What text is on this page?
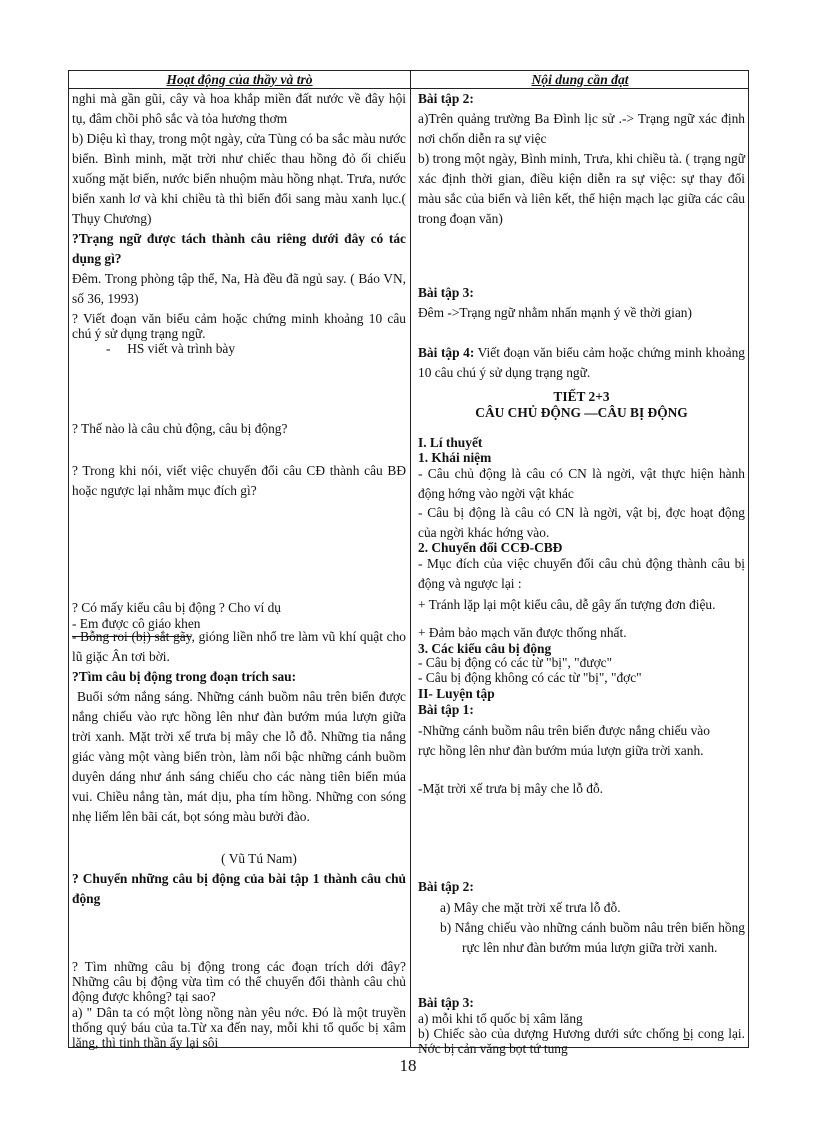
Hoạt động của thầy và trò	Nội dung cần đạt

nghi mà gần gũi, cây và hoa khắp miền đất nước về đây hội tụ, đâm chồi phô sắc và tỏa hương thơm

b) Diệu kì thay, trong một ngày, cửa Tùng có ba sắc màu nước biển. Bình minh, mặt trời như chiếc thau hồng đỏ ối chiếu xuống mặt biển, nước biển nhuộm màu hồng nhạt. Trưa, nước biển xanh lơ và khi chiều tà thì biển đổi sang màu xanh lục.( Thụy Chương)

?Trạng ngữ được tách thành câu riêng dưới đây có tác dụng gì?

Đêm. Trong phòng tập thể, Na, Hà đều đã ngủ say. ( Báo VN, số 36, 1993)

? Viết đoạn văn biểu cảm hoặc chứng minh khoảng 10 câu chú ý sử dụng trạng ngữ.

-     HS viết và trình bày

? Thế nào là câu chủ động, câu bị động?

? Trong khi nói, viết việc chuyển đổi câu CĐ thành câu BĐ hoặc ngược lại nhằm mục đích gì?

? Có mấy kiểu câu bị động ? Cho ví dụ

- Em được cô giáo khen

- Bỗng roi (bị) sắt gãy, gióng liền nhổ tre làm vũ khí quật cho lũ giặc Ân tơi bời.

?Tìm câu bị động trong đoạn trích sau:

Buổi sớm nắng sáng. Những cánh buồm nâu trên biển được nắng chiếu vào rực hồng lên như đàn bướm múa lượn giữa trời xanh. Mặt trời xế trưa bị mây che lỗ đỗ. Những tia nắng giác vàng một vàng biển tròn, làm nổi bậc những cánh buồm duyên dáng như ánh sáng chiếu cho các nàng tiên biển múa vui. Chiều nắng tàn, mát dịu, pha tím hồng. Những con sóng nhẹ liếm lên bãi cát, bọt sóng màu bưởi đào.

( Vũ Tú Nam)

? Chuyển những câu bị động của bài tập 1 thành câu chủ động

? Tìm những câu bị động trong các đoạn trích dới đây? Những câu bị động vừa tìm có thể chuyển đổi thành câu chủ động được không? tại sao?

a) " Dân ta có một lòng nồng nàn yêu nớc. Đó là một truyền thống quý báu của ta.Từ xa đến nay, mỗi khi tổ quốc bị xâm lăng, thì tinh thần ấy lại sôi

Bài tập 2:

a)Trên quảng trường Ba Đình lịc sử .-> Trạng ngữ xác định nơi chốn diễn ra sự việc

b) trong một ngày, Bình minh, Trưa, khi chiều tà. ( trạng ngữ xác định thời gian, điều kiện diễn ra sự việc: sự thay đổi màu sắc của biển và liên kết, thể hiện mạch lạc giữa các câu trong đoạn văn)

Bài tập 3:

Đêm ->Trạng ngữ nhằm nhấn mạnh ý về thời gian)

Bài tập 4: Viết đoạn văn biểu cảm hoặc chứng minh khoảng 10 câu chú ý sử dụng trạng ngữ.

TIẾT 2+3

CÂU CHỦ ĐỘNG —CÂU BỊ ĐỘNG

I. Lí thuyết

1. Khái niệm

- Câu chủ động là câu có CN là ngời, vật thực hiện hành động hớng vào ngời vật khác

- Câu bị động là câu có CN là ngời, vật bị, đợc hoạt động của ngời khác hớng vào.

2. Chuyển đổi CCĐ-CBĐ

- Mục đích của việc chuyển đổi câu chủ động thành câu bị động và ngược lại :

+ Tránh lặp lại một kiểu câu, dễ gây ấn tượng đơn điệu.

+ Đảm bảo mạch văn được thống nhất.

3. Các kiểu câu bị động

- Câu bị động có các từ "bị", "được"

- Câu bị động không có các từ "bị", "đợc"

II- Luyện tập

Bài tập 1:

-Những cánh buồm nâu trên biển được nắng chiếu vào rực hồng lên như đàn bướm múa lượn giữa trời xanh.

-Mặt trời xế trưa bị mây che lỗ đỗ.

Bài tập 2:

a) Mây che mặt trời xế trưa lỗ đỗ.

b) Nắng chiếu vào những cánh buồm nâu trên biển hồng rực lên như đàn bướm múa lượn giữa trời xanh.

Bài tập 3:

a) mỗi khi tổ quốc bị xâm lăng

b) Chiếc sào của dượng Hương dưới sức chống bị cong lại. Nớc bị cản văng bọt tứ tung

18
